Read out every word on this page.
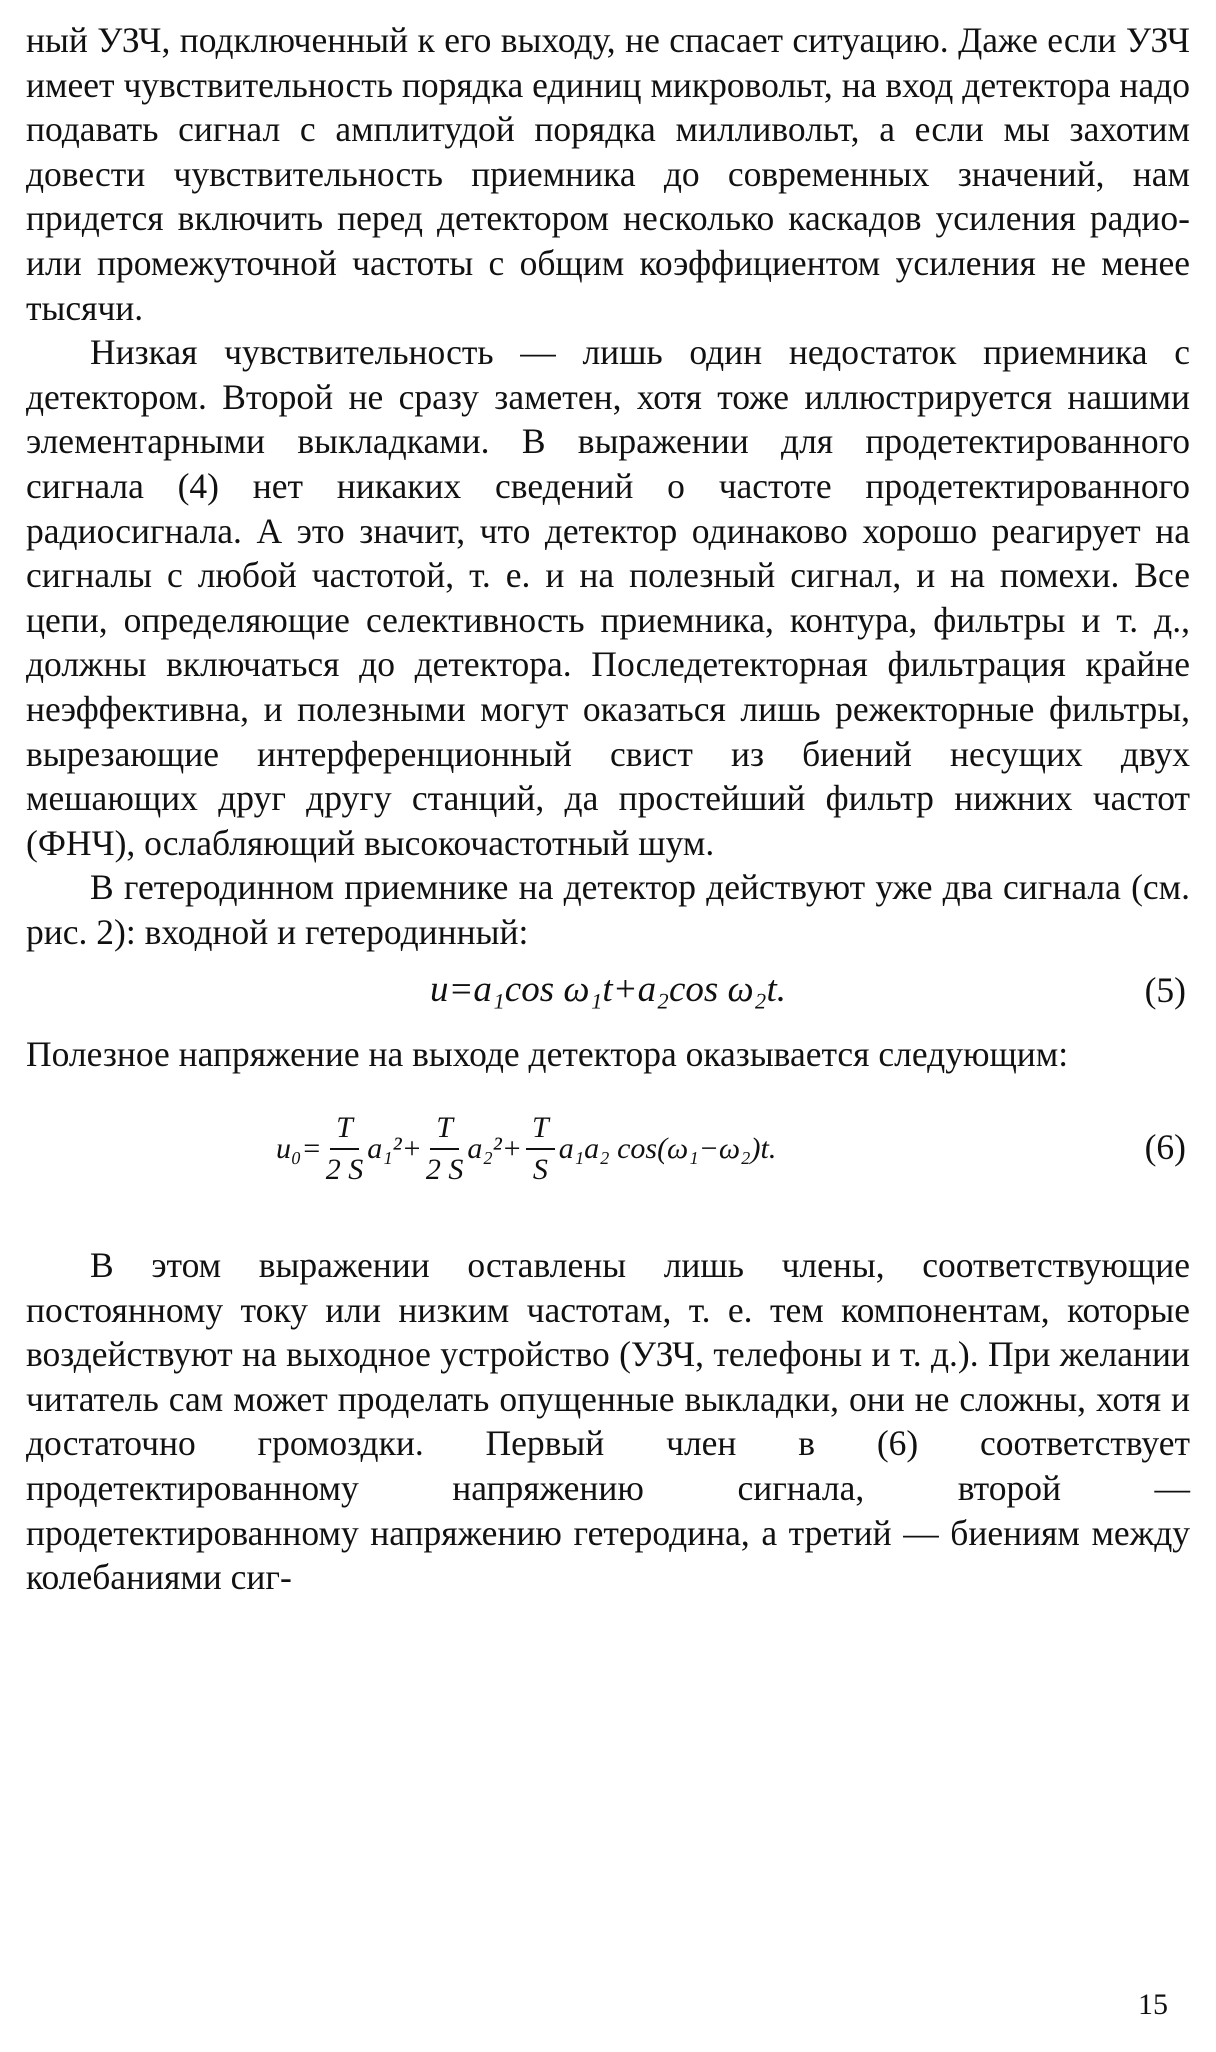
ный УЗЧ, подключенный к его выходу, не спасает ситуацию. Даже если УЗЧ имеет чувствительность порядка единиц микровольт, на вход детектора надо подавать сигнал с амплитудой порядка милливольт, а если мы захотим довести чувствительность приемника до современных значений, нам придется включить перед детектором несколько каскадов усиления радио- или промежуточной частоты с общим коэффициентом усиления не менее тысячи.

Низкая чувствительность — лишь один недостаток приемника с детектором. Второй не сразу заметен, хотя тоже иллюстрируется нашими элементарными выкладками. В выражении для продетектированного сигнала (4) нет никаких сведений о частоте продетектированного радиосигнала. А это значит, что детектор одинаково хорошо реагирует на сигналы с любой частотой, т. е. и на полезный сигнал, и на помехи. Все цепи, определяющие селективность приемника, контура, фильтры и т. д., должны включаться до детектора. Последетекторная фильтрация крайне неэффективна, и полезными могут оказаться лишь режекторные фильтры, вырезающие интерференционный свист из биений несущих двух мешающих друг другу станций, да простейший фильтр нижних частот (ФНЧ), ослабляющий высокочастотный шум.

В гетеродинном приемнике на детектор действуют уже два сигнала (см. рис. 2): входной и гетеродинный:

u=a₁cos ω₁t+a₂cos ω₂t.	(5)

Полезное напряжение на выходе детектора оказывается следующим:

$u_0= \frac{T}{2 S} a_1^2+ \frac{T}{2 S} a_2^2+ \frac{T}{S} a_1a_2$ cos(ω₁−ω₂)t.	(6)

В этом выражении оставлены лишь члены, соответствующие постоянному току или низким частотам, т. е. тем компонентам, которые воздействуют на выходное устройство (УЗЧ, телефоны и т. д.). При желании читатель сам может проделать опущенные выкладки, они не сложны, хотя и достаточно громоздки. Первый член в (6) соответствует продетектированному напряжению сигнала, второй — продетектированному напряжению гетеродина, а третий — биениям между колебаниями сиг-

15
